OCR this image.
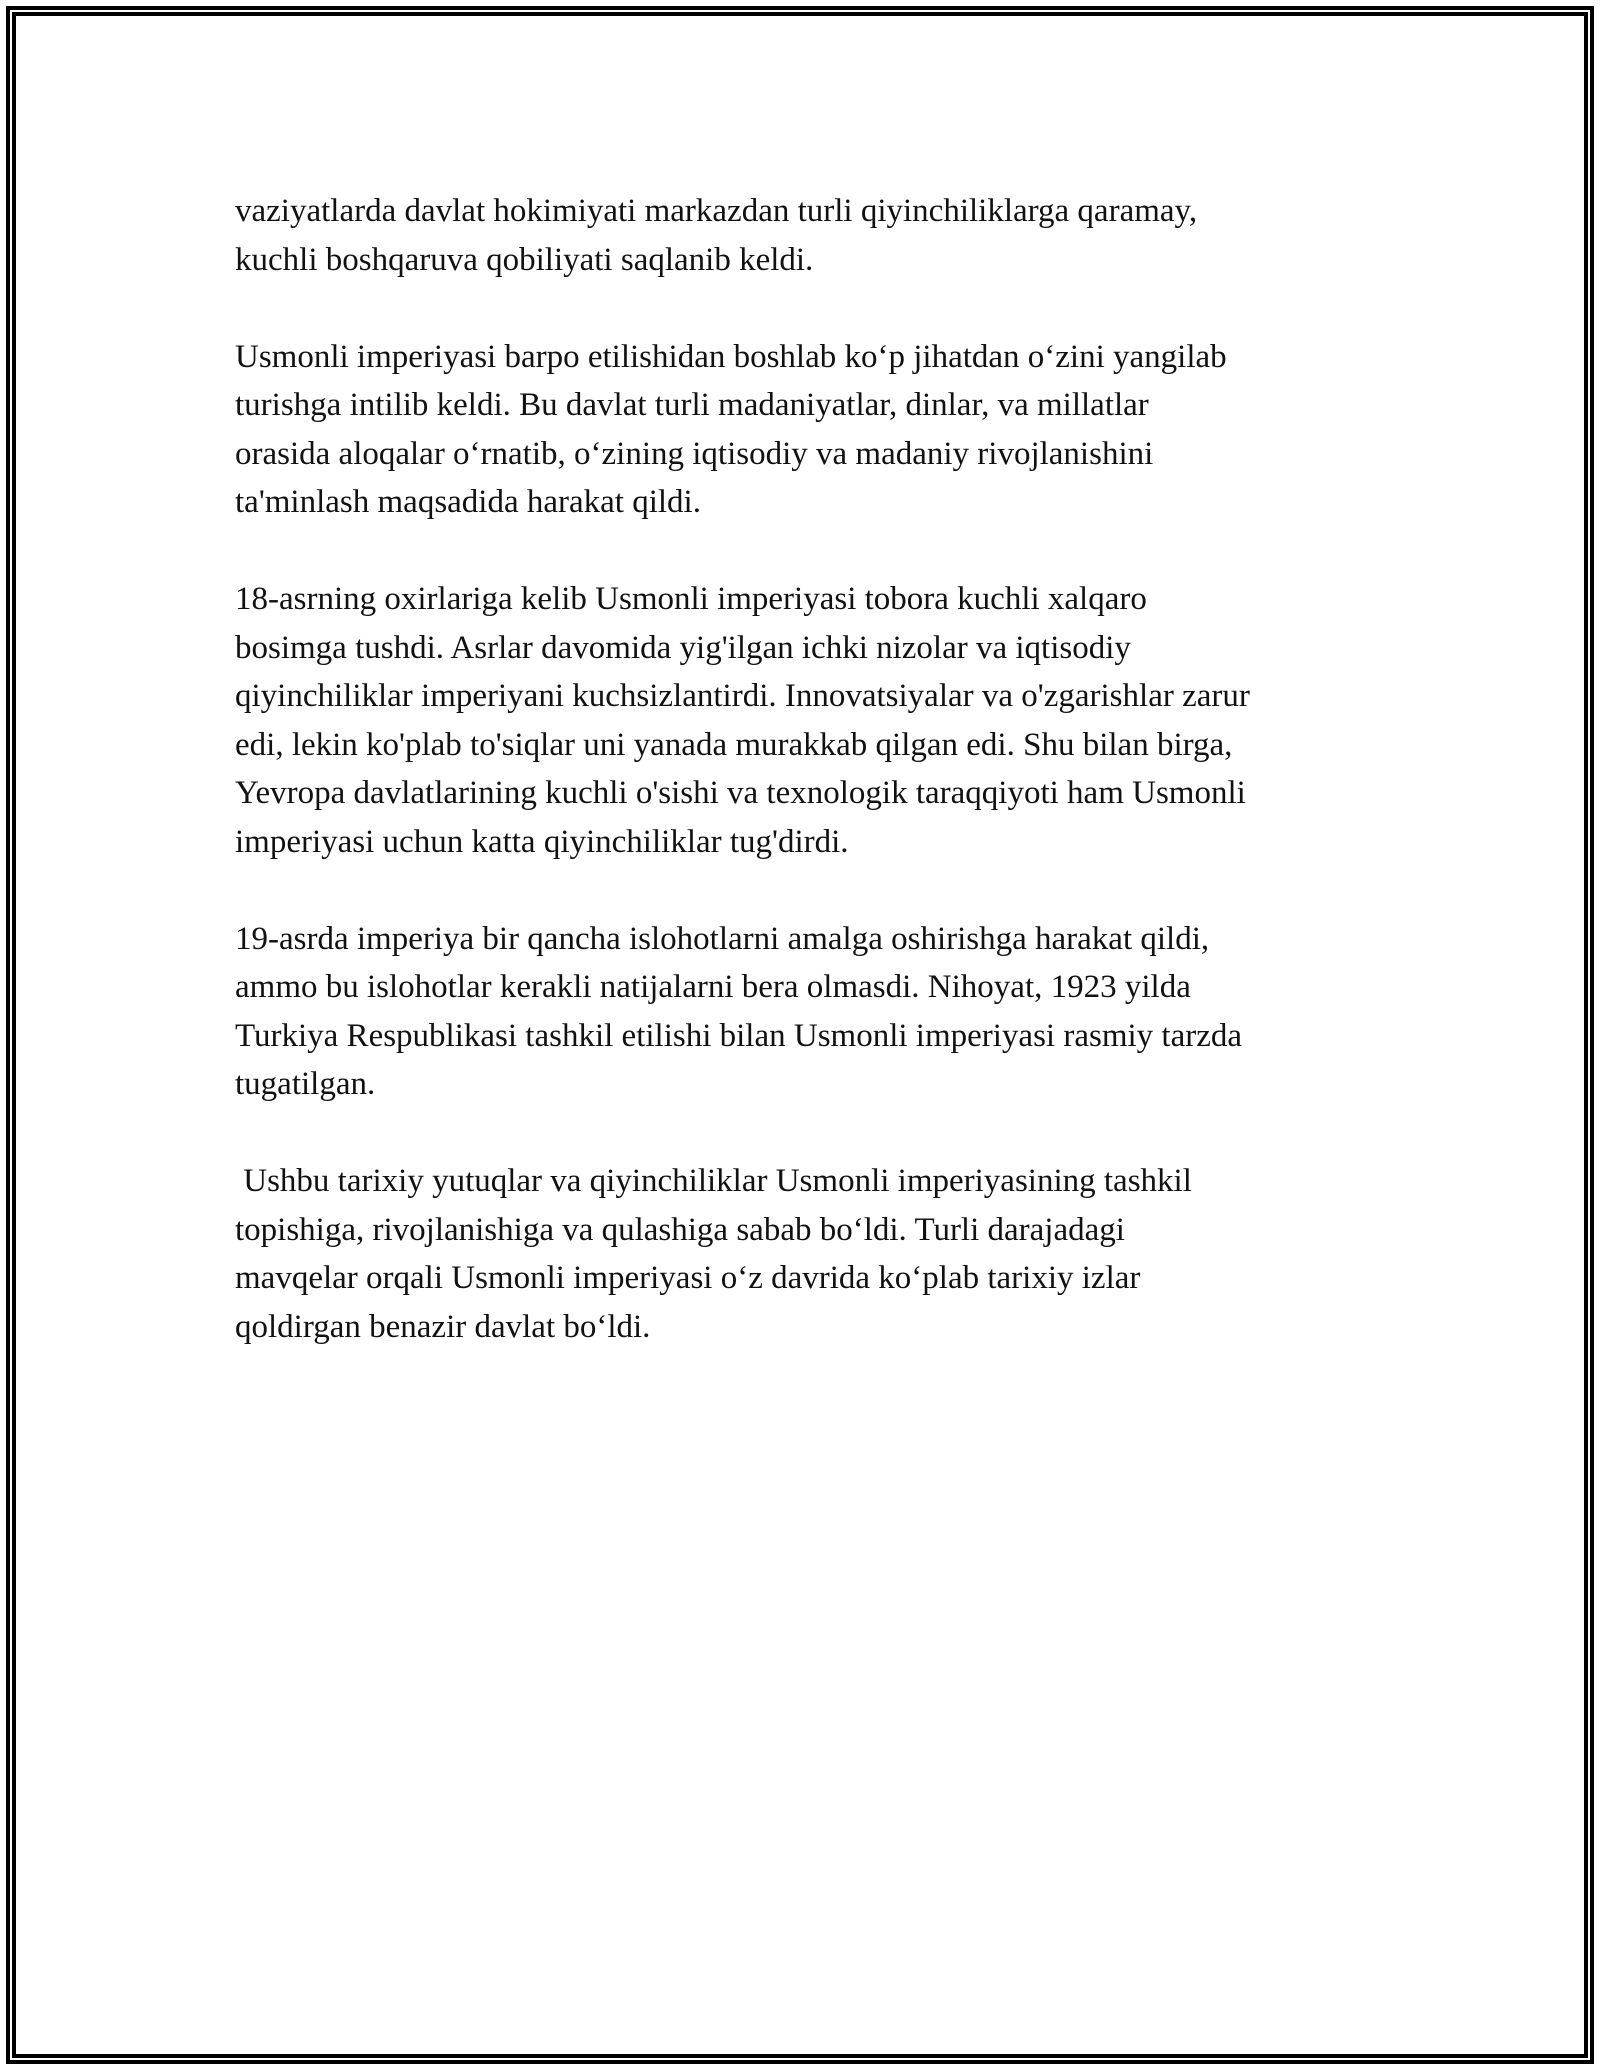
vaziyatlarda davlat hokimiyati markazdan turli qiyinchiliklarga qaramay,
kuchli boshqaruva qobiliyati saqlanib keldi.

Usmonli imperiyasi barpo etilishidan boshlab koʻp jihatdan oʻzini yangilab
turishga intilib keldi. Bu davlat turli madaniyatlar, dinlar, va millatlar
orasida aloqalar oʻrnatib, oʻzining iqtisodiy va madaniy rivojlanishini
ta'minlash maqsadida harakat qildi.

18-asrning oxirlariga kelib Usmonli imperiyasi tobora kuchli xalqaro
bosimga tushdi. Asrlar davomida yig'ilgan ichki nizolar va iqtisodiy
qiyinchiliklar imperiyani kuchsizlantirdi. Innovatsiyalar va o'zgarishlar zarur
edi, lekin ko'plab to'siqlar uni yanada murakkab qilgan edi. Shu bilan birga,
Yevropa davlatlarining kuchli o'sishi va texnologik taraqqiyoti ham Usmonli
imperiyasi uchun katta qiyinchiliklar tug'dirdi.

19-asrda imperiya bir qancha islohotlarni amalga oshirishga harakat qildi,
ammo bu islohotlar kerakli natijalarni bera olmasdi. Nihoyat, 1923 yilda
Turkiya Respublikasi tashkil etilishi bilan Usmonli imperiyasi rasmiy tarzda
tugatilgan.

Ushbu tarixiy yutuqlar va qiyinchiliklar Usmonli imperiyasining tashkil
topishiga, rivojlanishiga va qulashiga sabab boʻldi. Turli darajadagi
mavqelar orqali Usmonli imperiyasi oʻz davrida koʻplab tarixiy izlar
qoldirgan benazir davlat boʻldi.
